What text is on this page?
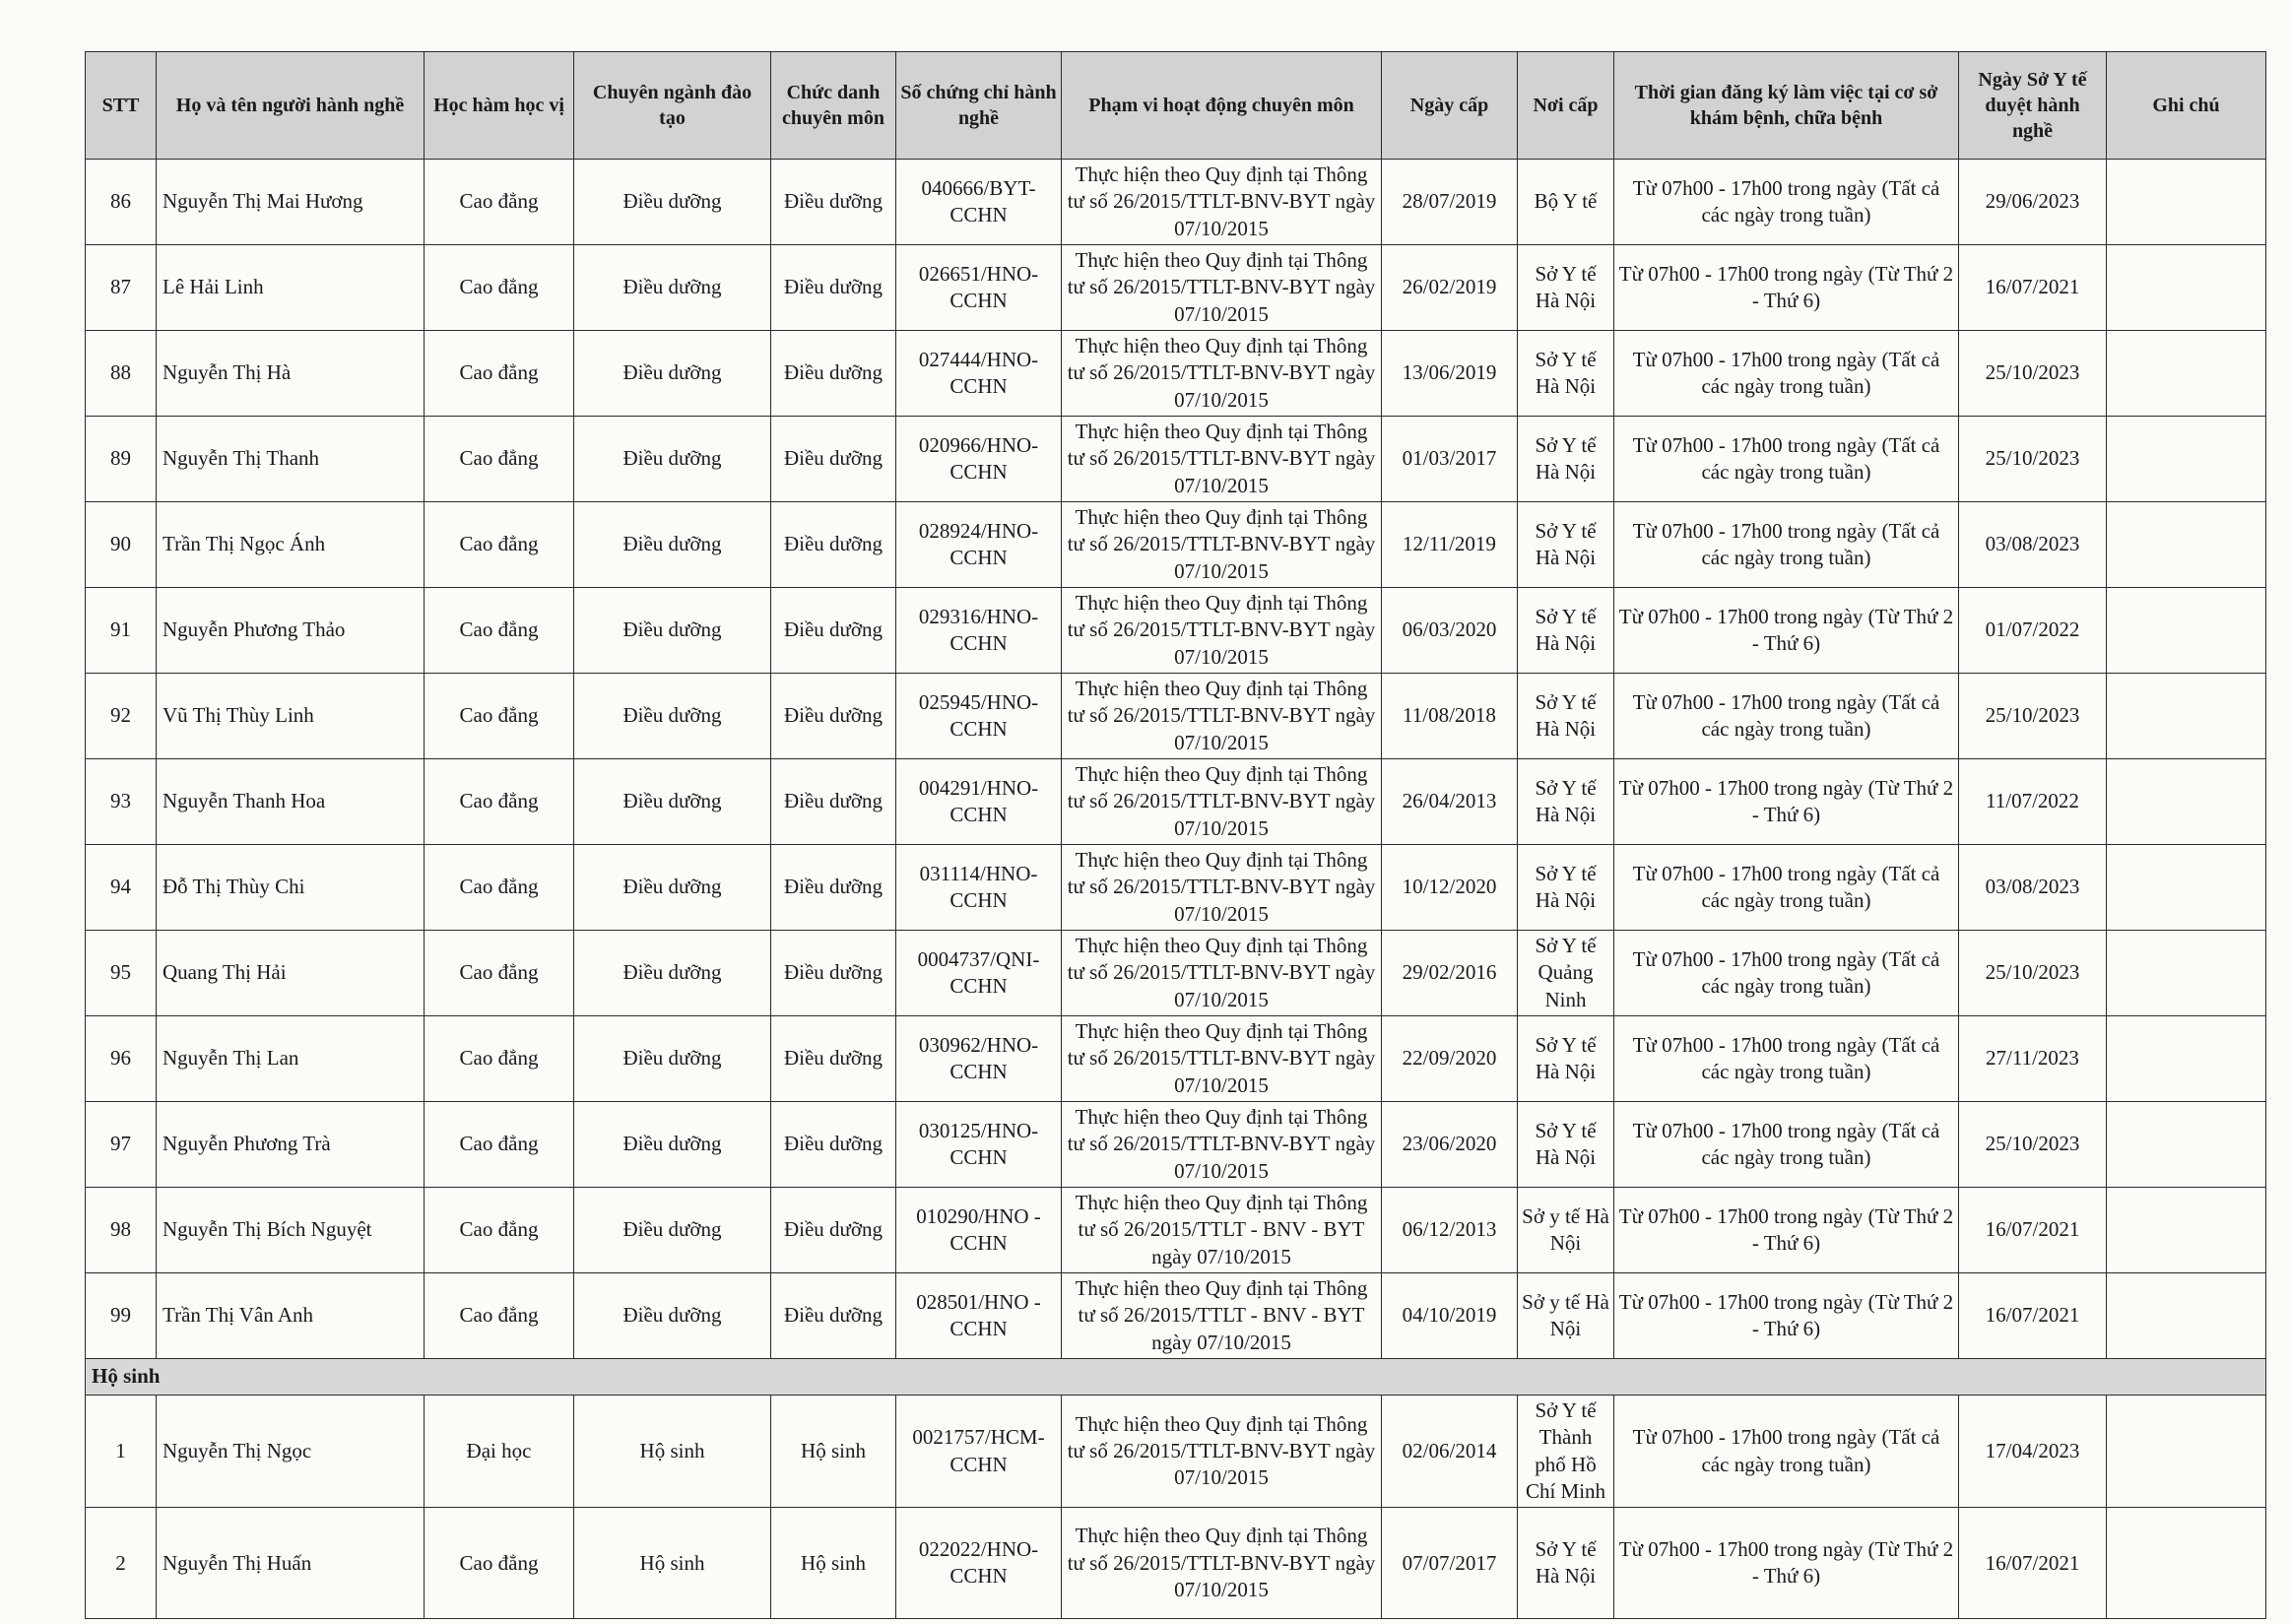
STT	Họ và tên người hành nghề	Học hàm học vị	Chuyên ngành đào tạo	Chức danh chuyên môn	Số chứng chỉ hành nghề	Phạm vi hoạt động chuyên môn	Ngày cấp	Nơi cấp	Thời gian đăng ký làm việc tại cơ sở khám bệnh, chữa bệnh	Ngày Sở Y tế duyệt hành nghề	Ghi chú
86	Nguyễn Thị Mai Hương	Cao đẳng	Điều dưỡng	Điều dưỡng	040666/BYT-CCHN	Thực hiện theo Quy định tại Thông tư số 26/2015/TTLT-BNV-BYT ngày 07/10/2015	28/07/2019	Bộ Y tế	Từ 07h00 - 17h00 trong ngày (Tất cả các ngày trong tuần)	29/06/2023	
87	Lê Hải Linh	Cao đẳng	Điều dưỡng	Điều dưỡng	026651/HNO-CCHN	Thực hiện theo Quy định tại Thông tư số 26/2015/TTLT-BNV-BYT ngày 07/10/2015	26/02/2019	Sở Y tế Hà Nội	Từ 07h00 - 17h00 trong ngày (Từ Thứ 2 - Thứ 6)	16/07/2021	
88	Nguyễn Thị Hà	Cao đẳng	Điều dưỡng	Điều dưỡng	027444/HNO-CCHN	Thực hiện theo Quy định tại Thông tư số 26/2015/TTLT-BNV-BYT ngày 07/10/2015	13/06/2019	Sở Y tế Hà Nội	Từ 07h00 - 17h00 trong ngày (Tất cả các ngày trong tuần)	25/10/2023	
89	Nguyễn Thị Thanh	Cao đẳng	Điều dưỡng	Điều dưỡng	020966/HNO-CCHN	Thực hiện theo Quy định tại Thông tư số 26/2015/TTLT-BNV-BYT ngày 07/10/2015	01/03/2017	Sở Y tế Hà Nội	Từ 07h00 - 17h00 trong ngày (Tất cả các ngày trong tuần)	25/10/2023	
90	Trần Thị Ngọc Ánh	Cao đẳng	Điều dưỡng	Điều dưỡng	028924/HNO-CCHN	Thực hiện theo Quy định tại Thông tư số 26/2015/TTLT-BNV-BYT ngày 07/10/2015	12/11/2019	Sở Y tế Hà Nội	Từ 07h00 - 17h00 trong ngày (Tất cả các ngày trong tuần)	03/08/2023	
91	Nguyễn Phương Thảo	Cao đẳng	Điều dưỡng	Điều dưỡng	029316/HNO-CCHN	Thực hiện theo Quy định tại Thông tư số 26/2015/TTLT-BNV-BYT ngày 07/10/2015	06/03/2020	Sở Y tế Hà Nội	Từ 07h00 - 17h00 trong ngày (Từ Thứ 2 - Thứ 6)	01/07/2022	
92	Vũ Thị Thùy Linh	Cao đẳng	Điều dưỡng	Điều dưỡng	025945/HNO-CCHN	Thực hiện theo Quy định tại Thông tư số 26/2015/TTLT-BNV-BYT ngày 07/10/2015	11/08/2018	Sở Y tế Hà Nội	Từ 07h00 - 17h00 trong ngày (Tất cả các ngày trong tuần)	25/10/2023	
93	Nguyễn Thanh Hoa	Cao đẳng	Điều dưỡng	Điều dưỡng	004291/HNO-CCHN	Thực hiện theo Quy định tại Thông tư số 26/2015/TTLT-BNV-BYT ngày 07/10/2015	26/04/2013	Sở Y tế Hà Nội	Từ 07h00 - 17h00 trong ngày (Từ Thứ 2 - Thứ 6)	11/07/2022	
94	Đỗ Thị Thùy Chi	Cao đẳng	Điều dưỡng	Điều dưỡng	031114/HNO-CCHN	Thực hiện theo Quy định tại Thông tư số 26/2015/TTLT-BNV-BYT ngày 07/10/2015	10/12/2020	Sở Y tế Hà Nội	Từ 07h00 - 17h00 trong ngày (Tất cả các ngày trong tuần)	03/08/2023	
95	Quang Thị Hải	Cao đẳng	Điều dưỡng	Điều dưỡng	0004737/QNI-CCHN	Thực hiện theo Quy định tại Thông tư số 26/2015/TTLT-BNV-BYT ngày 07/10/2015	29/02/2016	Sở Y tế Quảng Ninh	Từ 07h00 - 17h00 trong ngày (Tất cả các ngày trong tuần)	25/10/2023	
96	Nguyễn Thị Lan	Cao đẳng	Điều dưỡng	Điều dưỡng	030962/HNO-CCHN	Thực hiện theo Quy định tại Thông tư số 26/2015/TTLT-BNV-BYT ngày 07/10/2015	22/09/2020	Sở Y tế Hà Nội	Từ 07h00 - 17h00 trong ngày (Tất cả các ngày trong tuần)	27/11/2023	
97	Nguyễn Phương Trà	Cao đẳng	Điều dưỡng	Điều dưỡng	030125/HNO-CCHN	Thực hiện theo Quy định tại Thông tư số 26/2015/TTLT-BNV-BYT ngày 07/10/2015	23/06/2020	Sở Y tế Hà Nội	Từ 07h00 - 17h00 trong ngày (Tất cả các ngày trong tuần)	25/10/2023	
98	Nguyễn Thị Bích Nguyệt	Cao đẳng	Điều dưỡng	Điều dưỡng	010290/HNO - CCHN	Thực hiện theo Quy định tại Thông tư số 26/2015/TTLT - BNV - BYT ngày 07/10/2015	06/12/2013	Sở y tế Hà Nội	Từ 07h00 - 17h00 trong ngày (Từ Thứ 2 - Thứ 6)	16/07/2021	
99	Trần Thị Vân Anh	Cao đẳng	Điều dưỡng	Điều dưỡng	028501/HNO - CCHN	Thực hiện theo Quy định tại Thông tư số 26/2015/TTLT - BNV - BYT ngày 07/10/2015	04/10/2019	Sở y tế Hà Nội	Từ 07h00 - 17h00 trong ngày (Từ Thứ 2 - Thứ 6)	16/07/2021	
Hộ sinh											
1	Nguyễn Thị Ngọc	Đại học	Hộ sinh	Hộ sinh	0021757/HCM-CCHN	Thực hiện theo Quy định tại Thông tư số 26/2015/TTLT-BNV-BYT ngày 07/10/2015	02/06/2014	Sở Y tế Thành phố Hồ Chí Minh	Từ 07h00 - 17h00 trong ngày (Tất cả các ngày trong tuần)	17/04/2023	
2	Nguyễn Thị Huấn	Cao đẳng	Hộ sinh	Hộ sinh	022022/HNO-CCHN	Thực hiện theo Quy định tại Thông tư số 26/2015/TTLT-BNV-BYT ngày 07/10/2015	07/07/2017	Sở Y tế Hà Nội	Từ 07h00 - 17h00 trong ngày (Từ Thứ 2 - Thứ 6)	16/07/2021	
